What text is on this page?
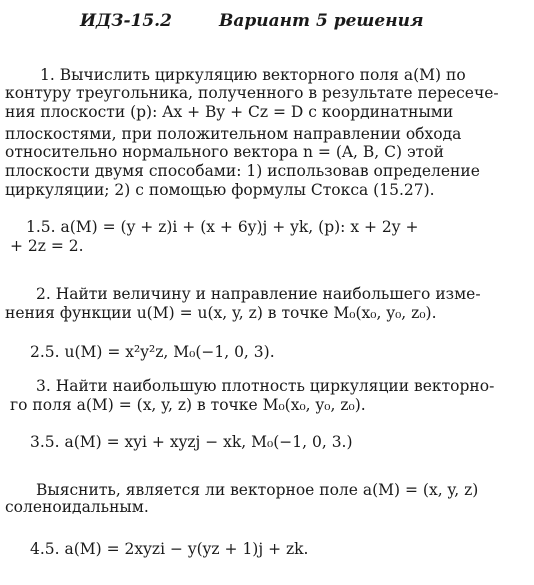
ИДЗ-15.2	Вариант 5 решения
1. Вычислить циркуляцию векторного поля a(M) по
контуру треугольника, полученного в результате пересече-
ния плоскости (p): Ax + By + Cz = D с координатными
плоскостями, при положительном направлении обхода
относительно нормального вектора n = (A, B, C) этой
плоскости двумя способами: 1) использовав определение
циркуляции; 2) с помощью формулы Стокса (15.27).
1.5. a(M) = (y + z)i + (x + 6y)j + yk, (p): x + 2y +
+ 2z = 2.
2. Найти величину и направление наибольшего изме-
нения функции u(M) = u(x, y, z) в точке M₀(x₀, y₀, z₀).
2.5. u(M) = x²y²z, M₀(−1, 0, 3).
3. Найти наибольшую плотность циркуляции векторно-
го поля a(M) = (x, y, z) в точке M₀(x₀, y₀, z₀).
3.5. a(M) = xyi + xyzj − xk, M₀(−1, 0, 3.)
Выяснить, является ли векторное поле a(M) = (x, y, z)
соленоидальным.
4.5. a(M) = 2xyzi − y(yz + 1)j + zk.
